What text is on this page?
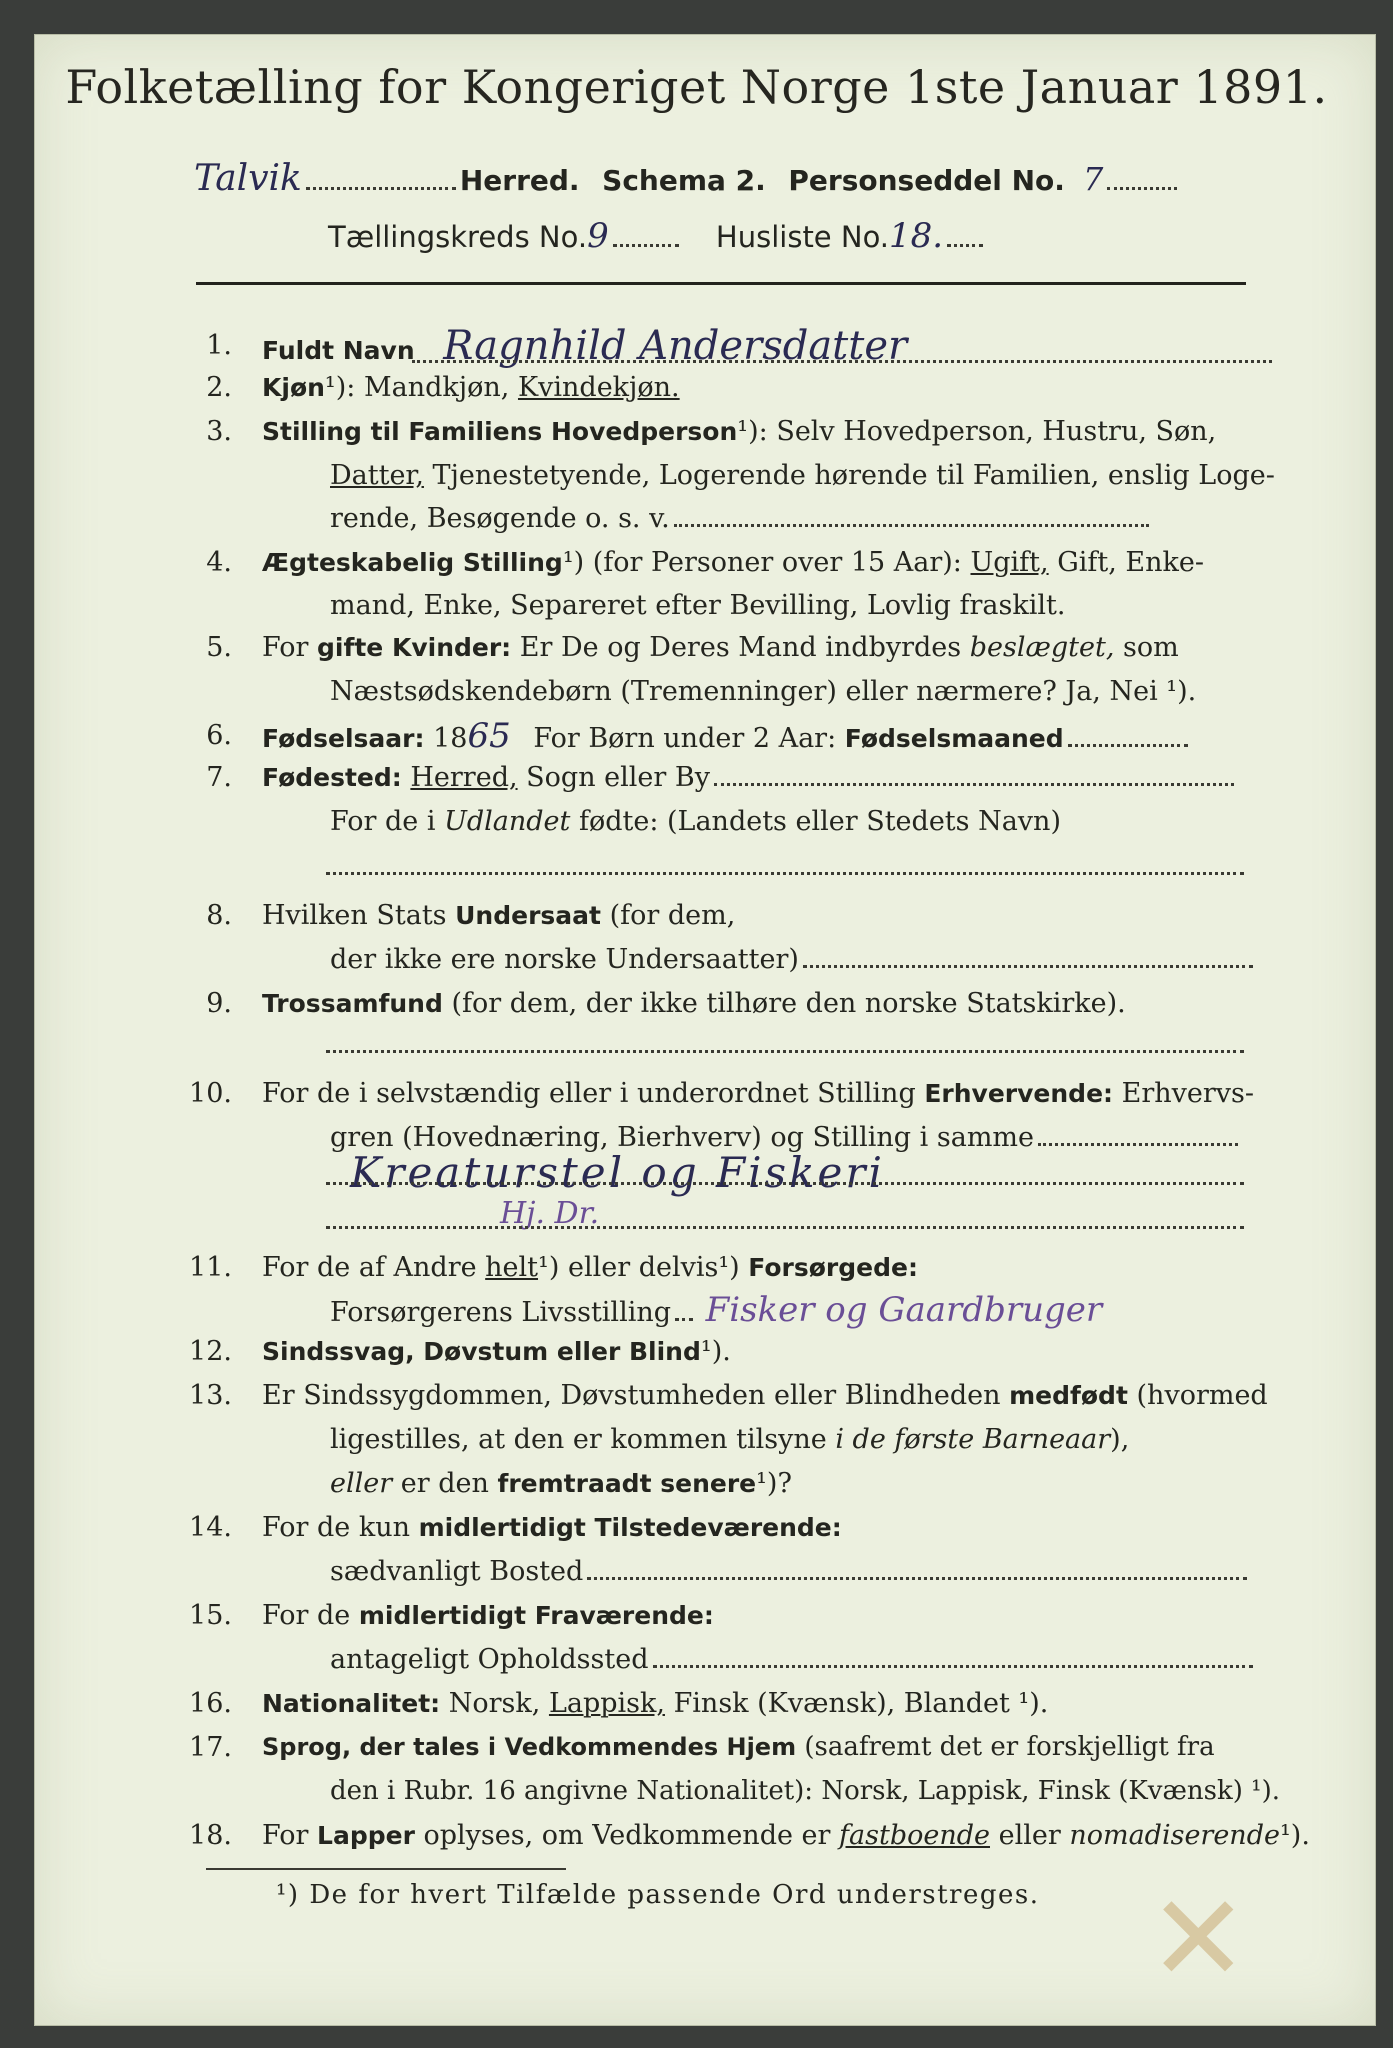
Folketælling for Kongeriget Norge 1ste Januar 1891.
Talvik	Herred. Schema 2. Personseddel No. 7
Tællingskreds No.9	Husliste No.18.
1. Fuldt Navn Ragnhild Andersdatter
2. Kjøn¹): Mandkjøn, Kvindekjøn.
3. Stilling til Familiens Hovedperson¹): Selv Hovedperson, Hustru, Søn,
Datter, Tjenestetyende, Logerende hørende til Familien, enslig Loge-
rende, Besøgende o. s. v.
4. Ægteskabelig Stilling¹) (for Personer over 15 Aar): Ugift, Gift, Enke-
mand, Enke, Separeret efter Bevilling, Lovlig fraskilt.
5. For gifte Kvinder: Er De og Deres Mand indbyrdes beslægtet, som
Næstsødskendebørn (Tremenninger) eller nærmere? Ja, Nei ¹).
6. Fødselsaar: 1865 For Børn under 2 Aar: Fødselsmaaned
7. Fødested: Herred, Sogn eller By
For de i Udlandet fødte: (Landets eller Stedets Navn)
8. Hvilken Stats Undersaat (for dem,
der ikke ere norske Undersaatter)
9. Trossamfund (for dem, der ikke tilhøre den norske Statskirke).
10. For de i selvstændig eller i underordnet Stilling Erhvervende: Erhvervs-
gren (Hovednæring, Bierhverv) og Stilling i samme
Kreaturstel og Fiskeri
Hj. Dr.
11. For de af Andre helt¹) eller delvis¹) Forsørgede:
Forsørgerens Livsstilling Fisker og Gaardbruger
12. Sindssvag, Døvstum eller Blind¹).
13. Er Sindssygdommen, Døvstumheden eller Blindheden medfødt (hvormed
ligestilles, at den er kommen tilsyne i de første Barneaar),
eller er den fremtraadt senere¹)?
14. For de kun midlertidigt Tilstedeværende:
sædvanligt Bosted
15. For de midlertidigt Fraværende:
antageligt Opholdssted
16. Nationalitet: Norsk, Lappisk, Finsk (Kvænsk), Blandet ¹).
17. Sprog, der tales i Vedkommendes Hjem (saafremt det er forskjelligt fra
den i Rubr. 16 angivne Nationalitet): Norsk, Lappisk, Finsk (Kvænsk) ¹).
18. For Lapper oplyses, om Vedkommende er fastboende eller nomadiserende¹).
¹) De for hvert Tilfælde passende Ord understreges. ✕
